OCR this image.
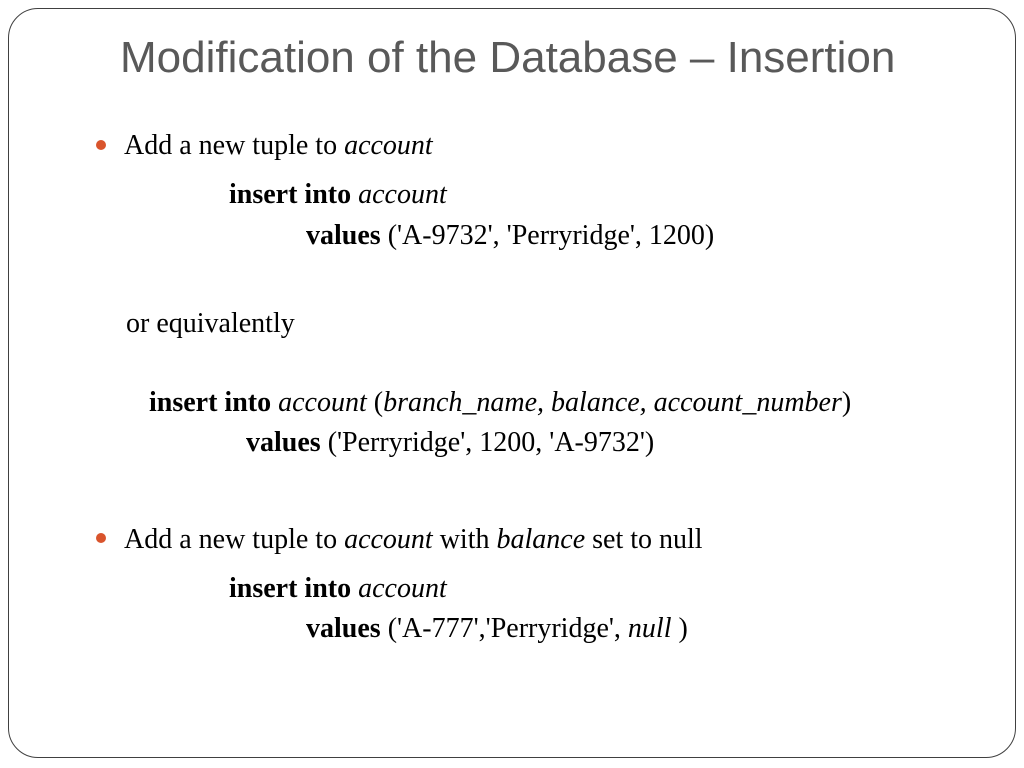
Modification of the Database – Insertion
Add a new tuple to account
insert into account
values ('A-9732', 'Perryridge', 1200)
or equivalently
insert into account (branch_name, balance, account_number)
values ('Perryridge', 1200, 'A-9732')
Add a new tuple to account with balance set to null
insert into account
values ('A-777','Perryridge', null )
